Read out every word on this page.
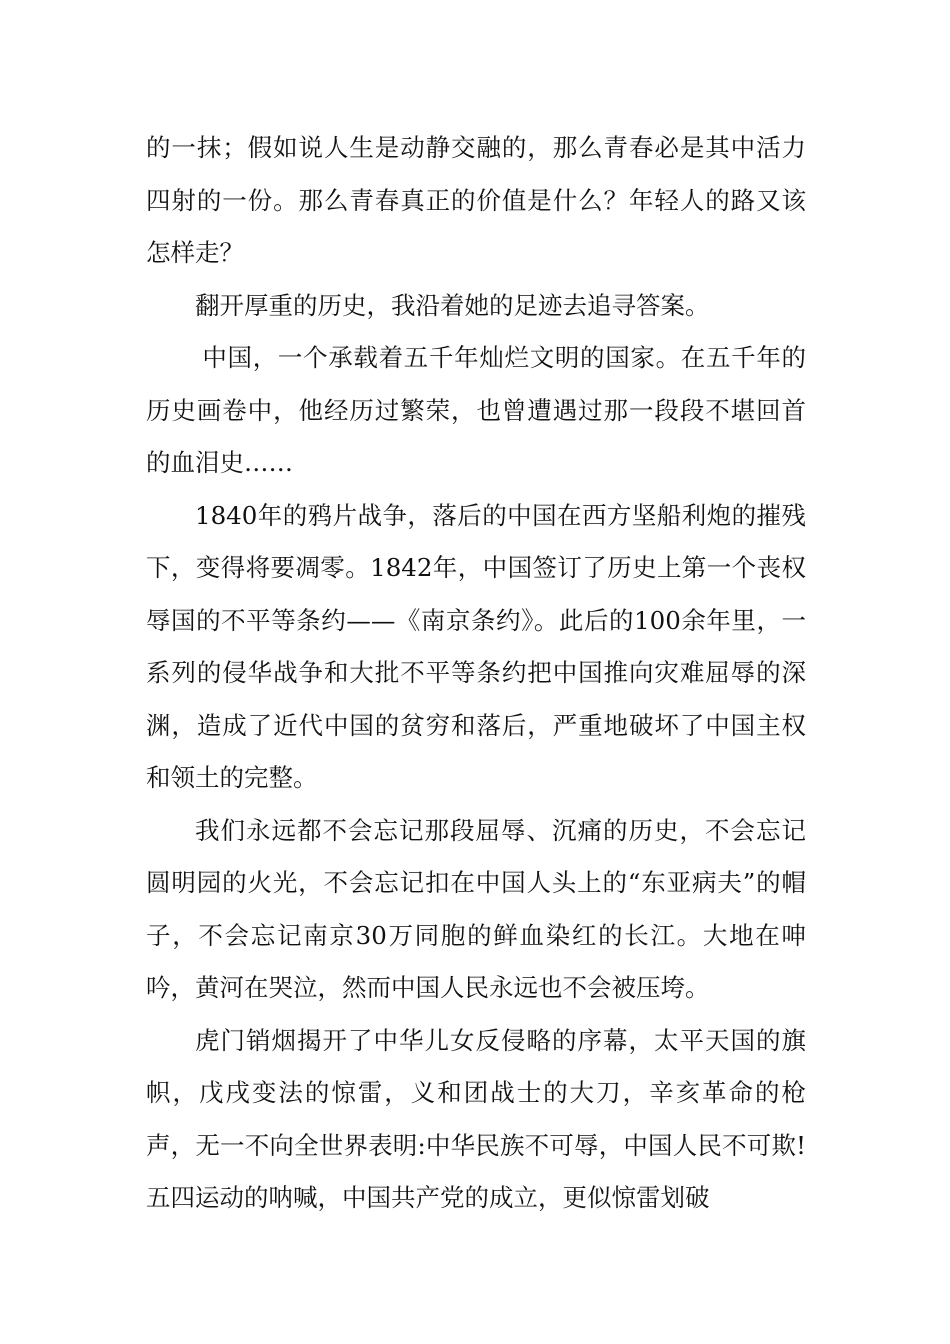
的一抹；假如说人生是动静交融的，那么青春必是其中活力四射的一份。那么青春真正的价值是什么？年轻人的路又该怎样走？

翻开厚重的历史，我沿着她的足迹去追寻答案。

中国，一个承载着五千年灿烂文明的国家。在五千年的历史画卷中，他经历过繁荣，也曾遭遇过那一段段不堪回首的血泪史……

1840年的鸦片战争，落后的中国在西方坚船利炮的摧残下，变得将要凋零。1842年，中国签订了历史上第一个丧权辱国的不平等条约——《南京条约》。此后的100余年里，一系列的侵华战争和大批不平等条约把中国推向灾难屈辱的深渊，造成了近代中国的贫穷和落后，严重地破坏了中国主权和领土的完整。

我们永远都不会忘记那段屈辱、沉痛的历史，不会忘记圆明园的火光，不会忘记扣在中国人头上的“东亚病夫”的帽子，不会忘记南京30万同胞的鲜血染红的长江。大地在呻吟，黄河在哭泣，然而中国人民永远也不会被压垮。

虎门销烟揭开了中华儿女反侵略的序幕，太平天国的旗帜，戊戌变法的惊雷，义和团战士的大刀，辛亥革命的枪声，无一不向全世界表明:中华民族不可辱，中国人民不可欺!五四运动的呐喊，中国共产党的成立，更似惊雷划破
